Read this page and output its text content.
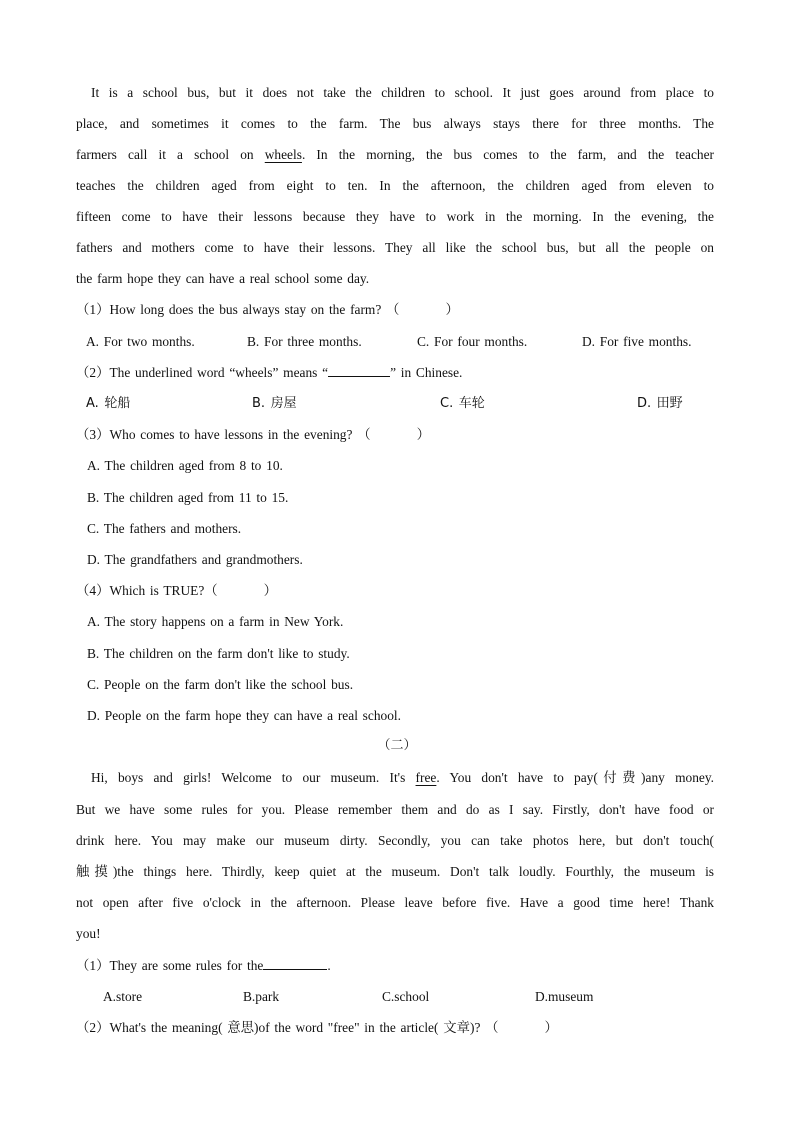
It is a school bus, but it does not take the children to school. It just goes around from place to
place, and sometimes it comes to the farm. The bus always stays there for three months. The
farmers call it a school on wheels. In the morning, the bus comes to the farm, and the teacher
teaches the children aged from eight to ten. In the afternoon, the children aged from eleven to
fifteen come to have their lessons because they have to work in the morning. In the evening, the
fathers and mothers come to have their lessons. They all like the school bus, but all the people on
the farm hope they can have a real school some day.
（1）How long does the bus always stay on the farm? （	）
A. For two months.	B. For three months.	C. For four months.	D. For five months.
（2）The underlined word “wheels” means “	” in Chinese.
A. 轮船	B. 房屋	C. 车轮	D. 田野
（3）Who comes to have lessons in the evening? （	）
A. The children aged from 8 to 10.
B. The children aged from 11 to 15.
C. The fathers and mothers.
D. The grandfathers and grandmothers.
（4）Which is TRUE?（	）
A. The story happens on a farm in New York.
B. The children on the farm don't like to study.
C. People on the farm don't like the school bus.
D. People on the farm hope they can have a real school.
（二）
Hi, boys and girls! Welcome to our museum. It's free. You don't have to pay(付费)any money.
But we have some rules for you. Please remember them and do as I say. Firstly, don't have food or
drink here. You may make our museum dirty. Secondly, you can take photos here, but don't touch(
触摸)the things here. Thirdly, keep quiet at the museum. Don't talk loudly. Fourthly, the museum is
not open after five o'clock in the afternoon. Please leave before five. Have a good time here! Thank
you!
（1）They are some rules for the	.
A.store	B.park	C.school	D.museum
（2）What's the meaning( 意思)of the word "free" in the article( 文章)? （	）
